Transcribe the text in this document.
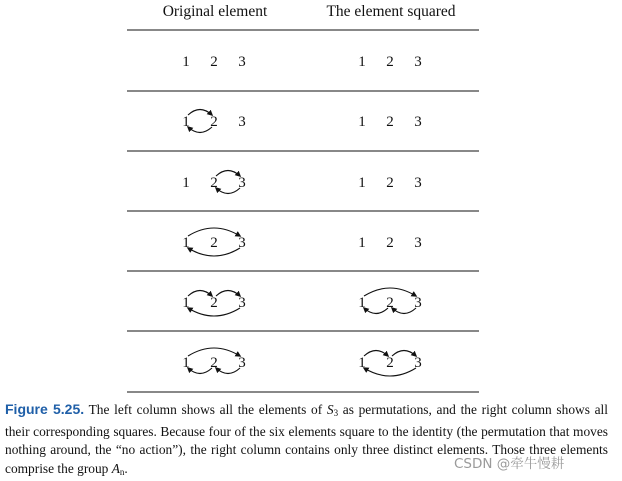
Original element	The element squared
1 2 3	1 2 3
1 2 3	1 2 3
1 2 3	1 2 3
1 2 3	1 2 3
1 2 3	1 2 3
1 2 3	1 2 3
Figure 5.25. The left column shows all the elements of $S_3$ as permutations, and the right column shows all their corresponding squares. Because four of the six elements square to the identity (the permutation that moves nothing around, the “no action”), the right column contains only three distinct elements. Those three elements comprise the group $A_n$.	CSDN @牵牛慢耕
